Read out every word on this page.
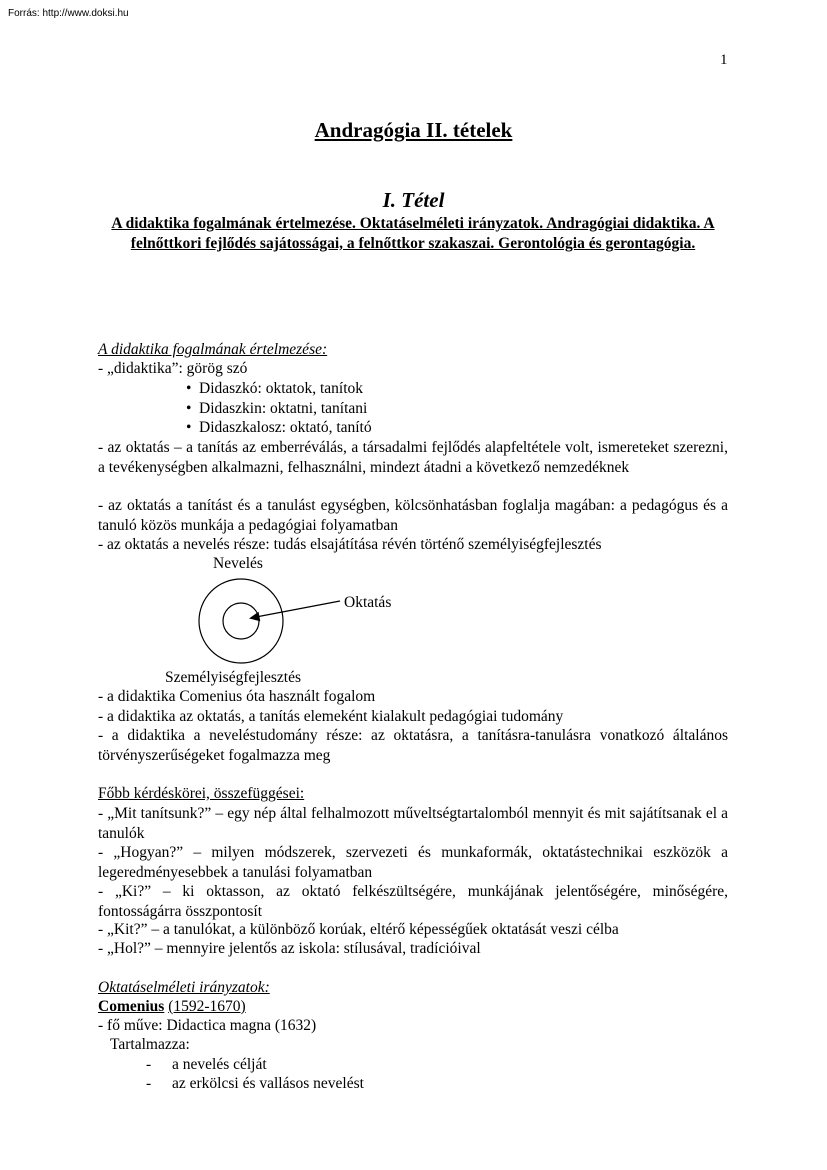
Forrás: http://www.doksi.hu
1
Andragógia II. tételek
I. Tétel
A didaktika fogalmának értelmezése. Oktatáselméleti irányzatok. Andragógiai didaktika. A felnőttkori fejlődés sajátosságai, a felnőttkor szakaszai. Gerontológia és gerontagógia.
A didaktika fogalmának értelmezése:
- „didaktika”: görög szó
• Didaszkó: oktatok, tanítok
• Didaszkin: oktatni, tanítani
• Didaszkalosz: oktató, tanító
- az oktatás – a tanítás az emberréválás, a társadalmi fejlődés alapfeltétele volt, ismereteket szerezni, a tevékenységben alkalmazni, felhasználni, mindezt átadni a következő nemzedéknek
- az oktatás a tanítást és a tanulást egységben, kölcsönhatásban foglalja magában: a pedagógus és a tanuló közös munkája a pedagógiai folyamatban
- az oktatás a nevelés része: tudás elsajátítása révén történő személyiségfejlesztés
Nevelés
Oktatás
Személyiségfejlesztés
- a didaktika Comenius óta használt fogalom
- a didaktika az oktatás, a tanítás elemeként kialakult pedagógiai tudomány
- a didaktika a neveléstudomány része: az oktatásra, a tanításra-tanulásra vonatkozó általános törvényszerűségeket fogalmazza meg
Főbb kérdéskörei, összefüggései:
- „Mit tanítsunk?” – egy nép által felhalmozott műveltségtartalomból mennyit és mit sajátítsanak el a tanulók
- „Hogyan?” – milyen módszerek, szervezeti és munkaformák, oktatástechnikai eszközök a legeredményesebbek a tanulási folyamatban
- „Ki?” – ki oktasson, az oktató felkészültségére, munkájának jelentőségére, minőségére, fontosságárra összpontosít
- „Kit?” – a tanulókat, a különböző korúak, eltérő képességűek oktatását veszi célba
- „Hol?” – mennyire jelentős az iskola: stílusával, tradícióival
Oktatáselméleti irányzatok:
Comenius (1592-1670)
- fő műve: Didactica magna (1632)
Tartalmazza:
- a nevelés célját
- az erkölcsi és vallásos nevelést
